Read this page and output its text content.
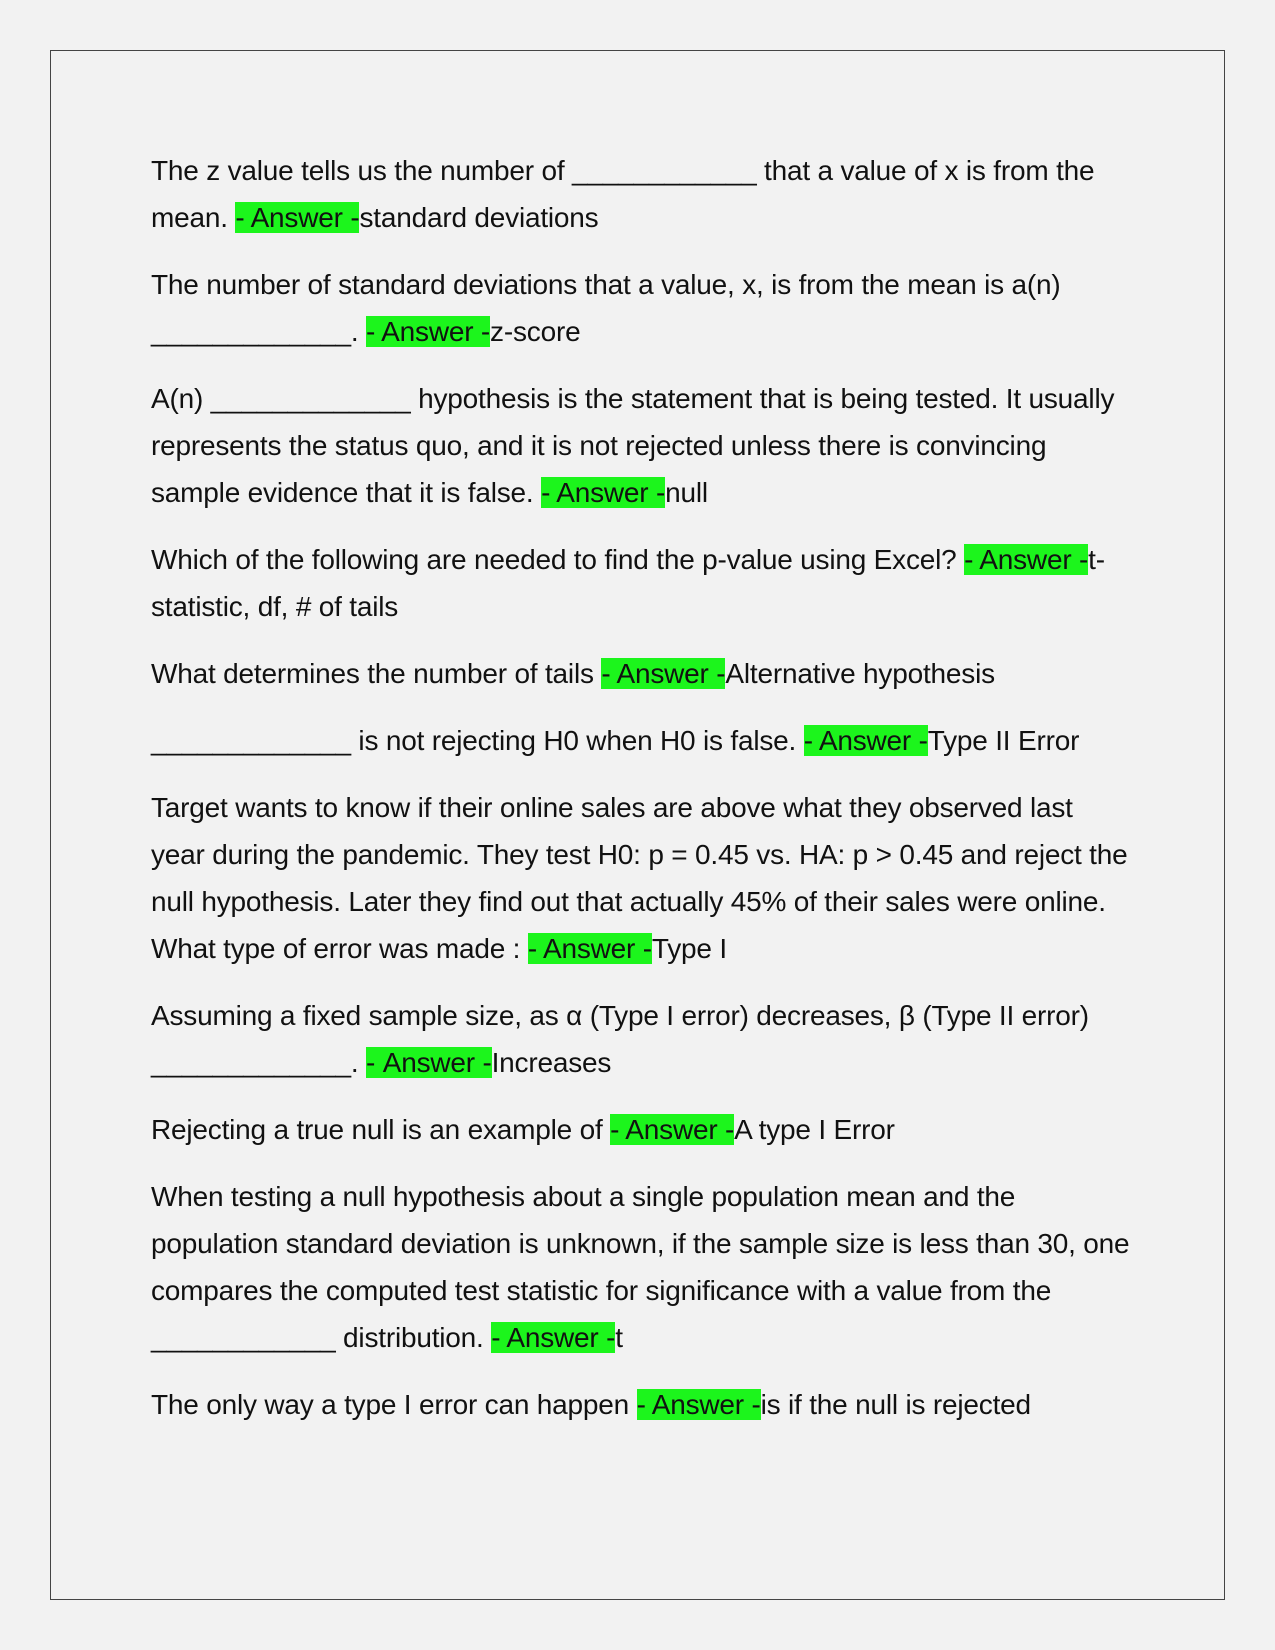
The z value tells us the number of ____________ that a value of x is from the mean. - Answer -standard deviations

The number of standard deviations that a value, x, is from the mean is a(n) _____________. - Answer -z-score

A(n) _____________ hypothesis is the statement that is being tested. It usually represents the status quo, and it is not rejected unless there is convincing sample evidence that it is false. - Answer -null

Which of the following are needed to find the p-value using Excel? - Answer -t-statistic, df, # of tails

What determines the number of tails - Answer -Alternative hypothesis

_____________ is not rejecting H0 when H0 is false. - Answer -Type II Error

Target wants to know if their online sales are above what they observed last year during the pandemic. They test H0: p = 0.45 vs. HA: p > 0.45 and reject the null hypothesis. Later they find out that actually 45% of their sales were online. What type of error was made : - Answer -Type I

Assuming a fixed sample size, as α (Type I error) decreases, β (Type II error) _____________. - Answer -Increases

Rejecting a true null is an example of - Answer -A type I Error

When testing a null hypothesis about a single population mean and the population standard deviation is unknown, if the sample size is less than 30, one compares the computed test statistic for significance with a value from the ____________ distribution. - Answer -t

The only way a type I error can happen - Answer -is if the null is rejected
